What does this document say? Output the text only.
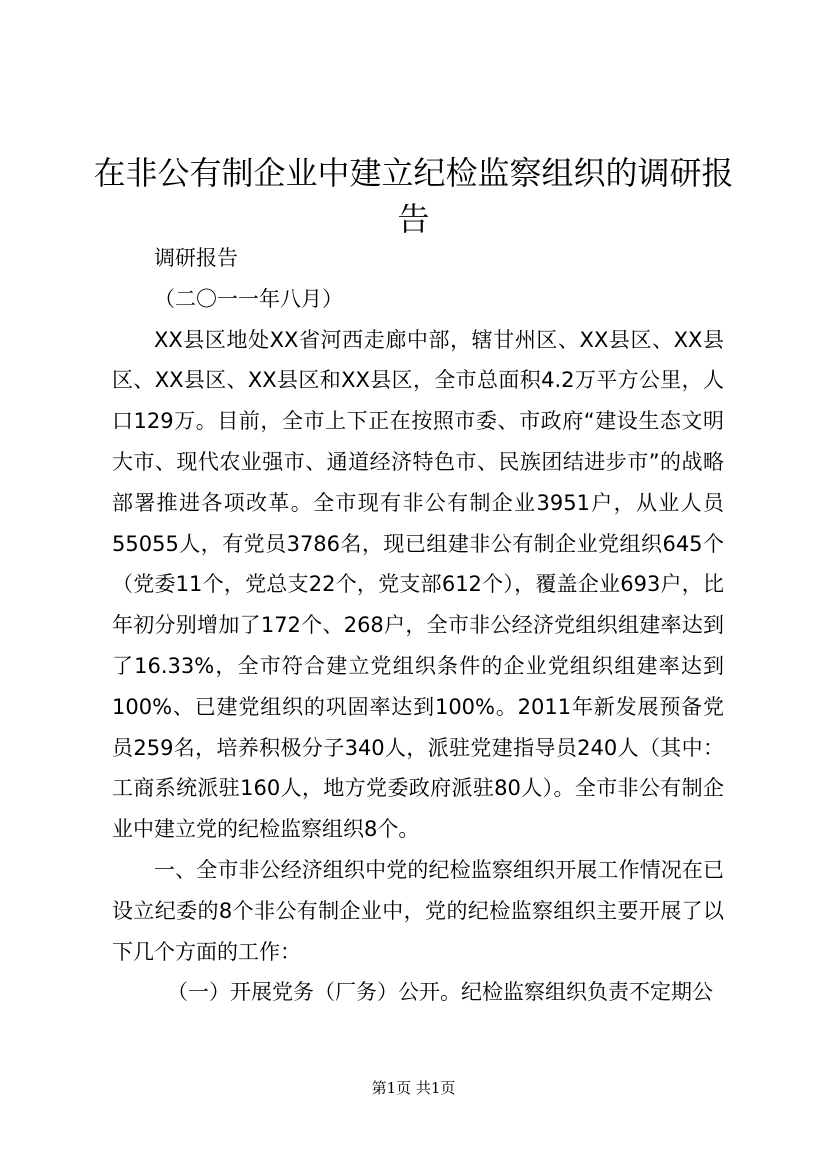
在非公有制企业中建立纪检监察组织的调研报告

调研报告

（二〇一一年八月）

XX县区地处XX省河西走廊中部，辖甘州区、XX县区、XX县区、XX县区、XX县区和XX县区，全市总面积4.2万平方公里，人口129万。目前，全市上下正在按照市委、市政府“建设生态文明大市、现代农业强市、通道经济特色市、民族团结进步市”的战略部署推进各项改革。全市现有非公有制企业3951户，从业人员55055人，有党员3786名，现已组建非公有制企业党组织645个（党委11个，党总支22个，党支部612个），覆盖企业693户，比年初分别增加了172个、268户，全市非公经济党组织组建率达到了16.33%，全市符合建立党组织条件的企业党组织组建率达到100%、已建党组织的巩固率达到100%。2011年新发展预备党员259名，培养积极分子340人，派驻党建指导员240人（其中：工商系统派驻160人，地方党委政府派驻80人）。全市非公有制企业中建立党的纪检监察组织8个。

一、全市非公经济组织中党的纪检监察组织开展工作情况在已设立纪委的8个非公有制企业中，党的纪检监察组织主要开展了以下几个方面的工作：

（一）开展党务（厂务）公开。纪检监察组织负责不定期公

第1页 共1页
